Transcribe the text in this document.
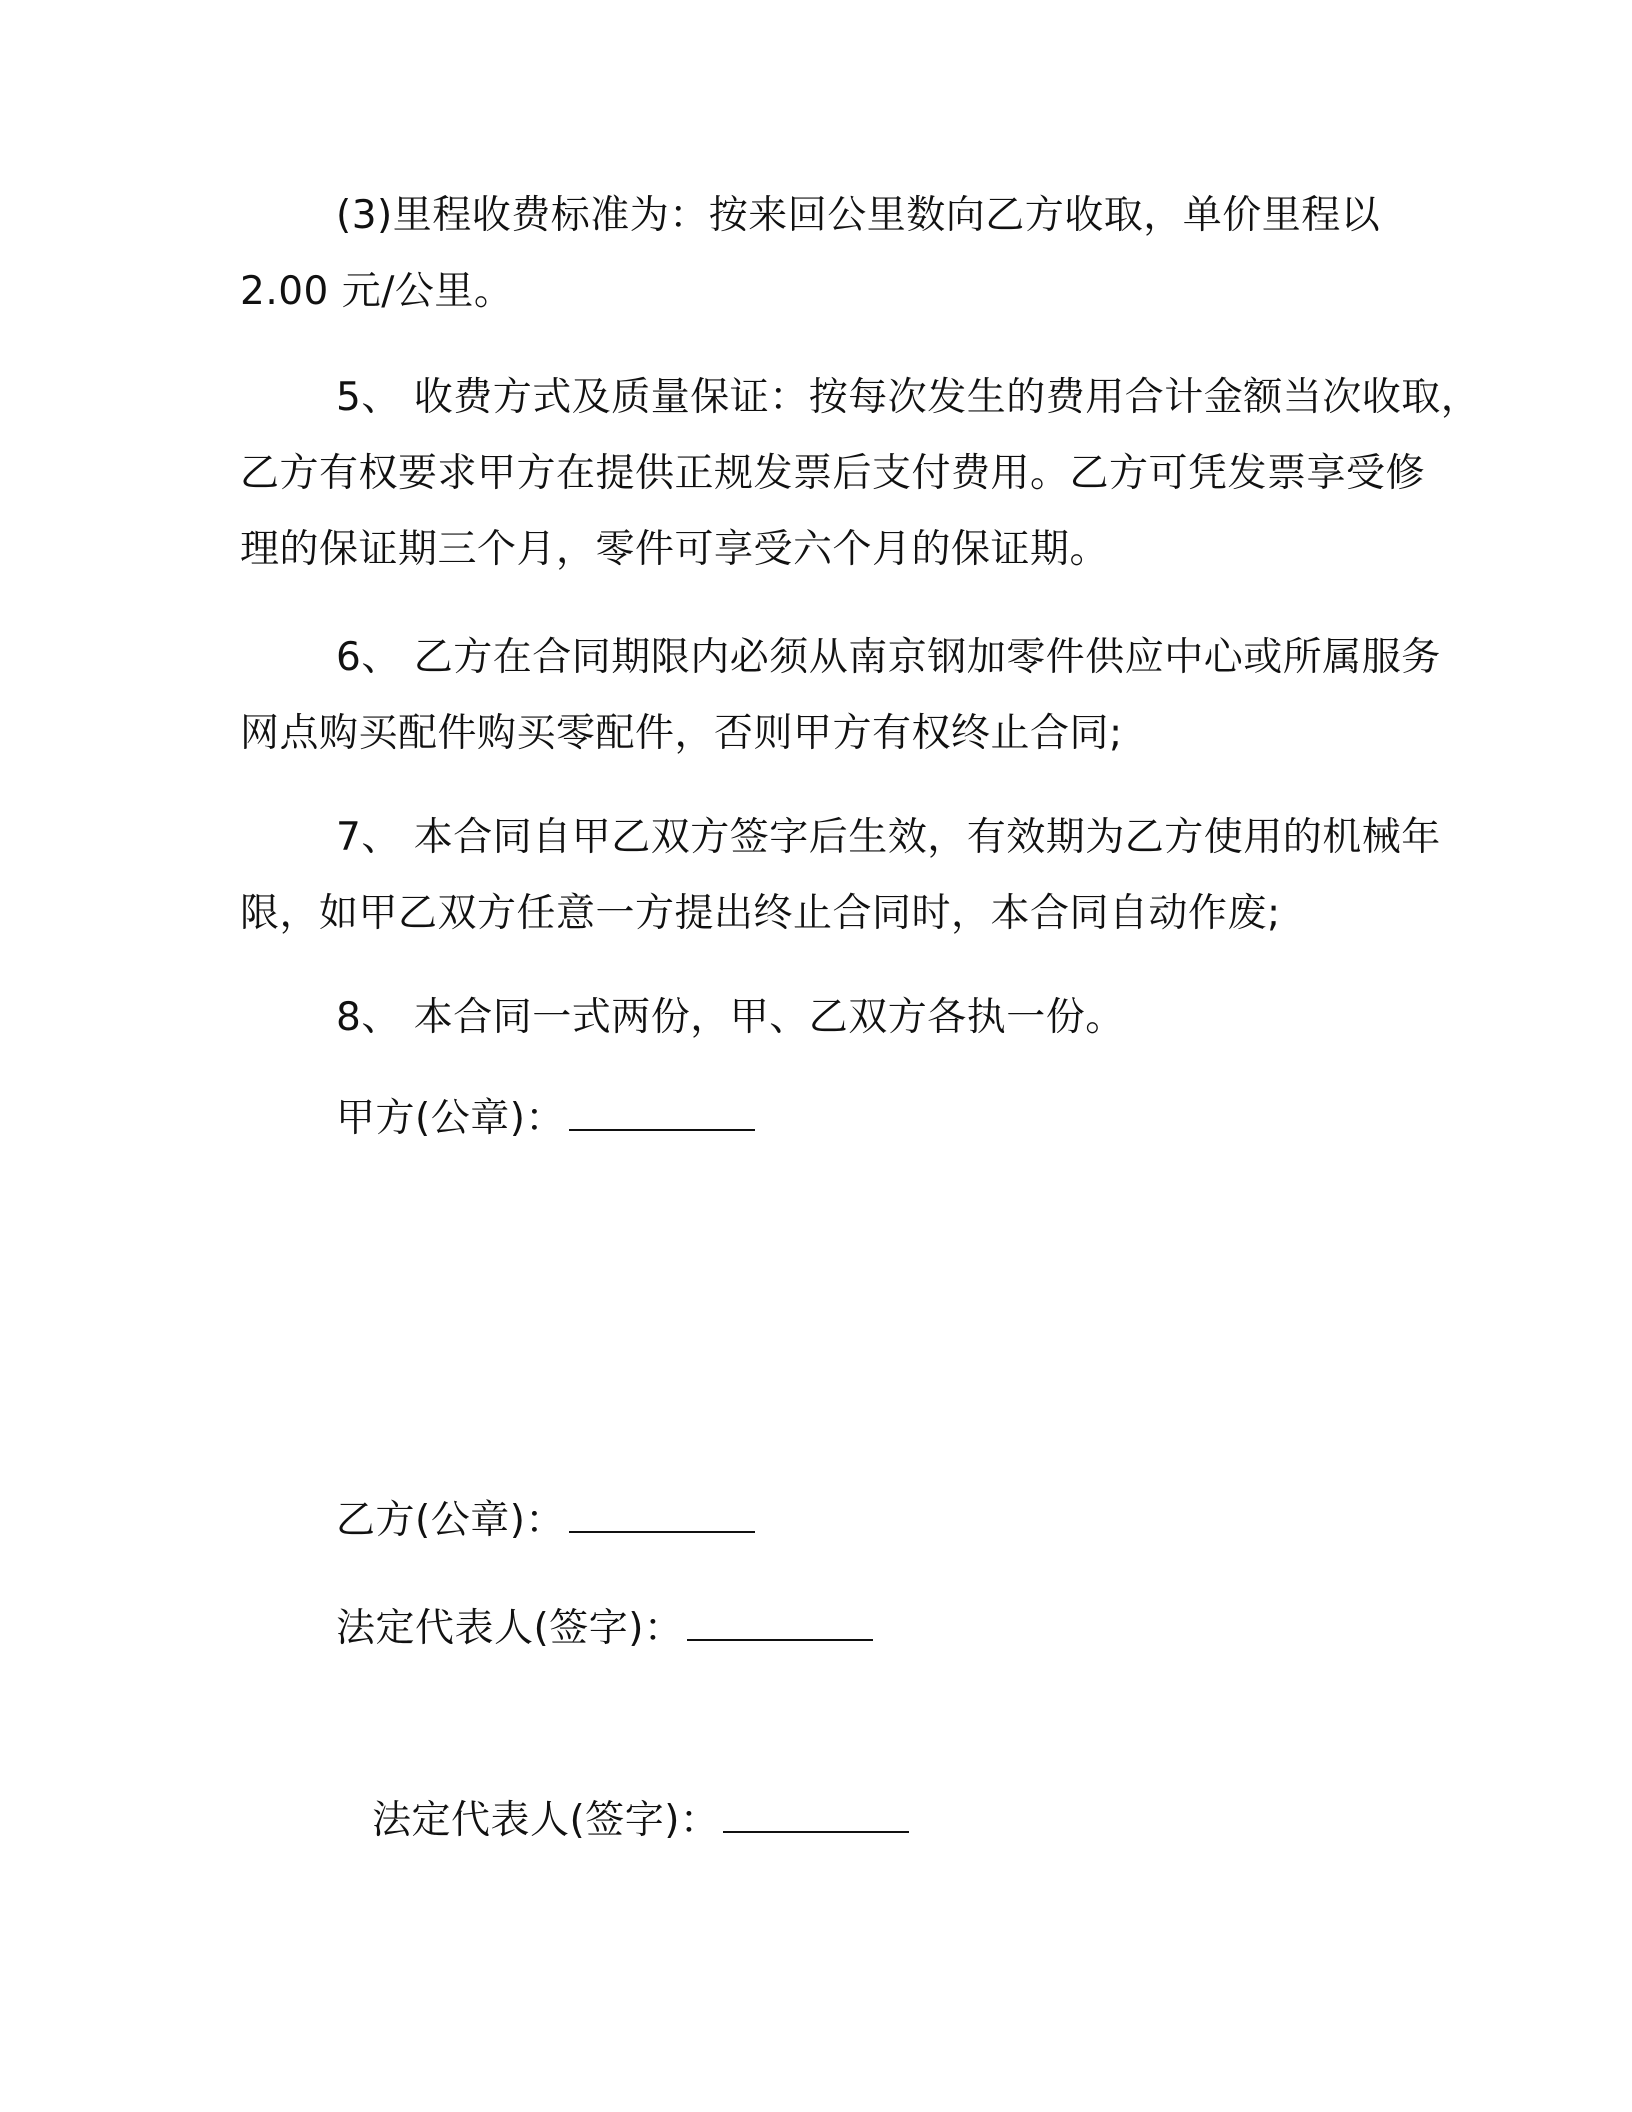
(3)里程收费标准为：按来回公里数向乙方收取，单价里程以
2.00 元/公里。
5、 收费方式及质量保证：按每次发生的费用合计金额当次收取，
乙方有权要求甲方在提供正规发票后支付费用。乙方可凭发票享受修
理的保证期三个月，零件可享受六个月的保证期。
6、 乙方在合同期限内必须从南京钢加零件供应中心或所属服务
网点购买配件购买零配件，否则甲方有权终止合同;
7、 本合同自甲乙双方签字后生效，有效期为乙方使用的机械年
限，如甲乙双方任意一方提出终止合同时，本合同自动作废;
8、 本合同一式两份，甲、乙双方各执一份。
甲方(公章)：
乙方(公章)：
法定代表人(签字)：
法定代表人(签字)：
